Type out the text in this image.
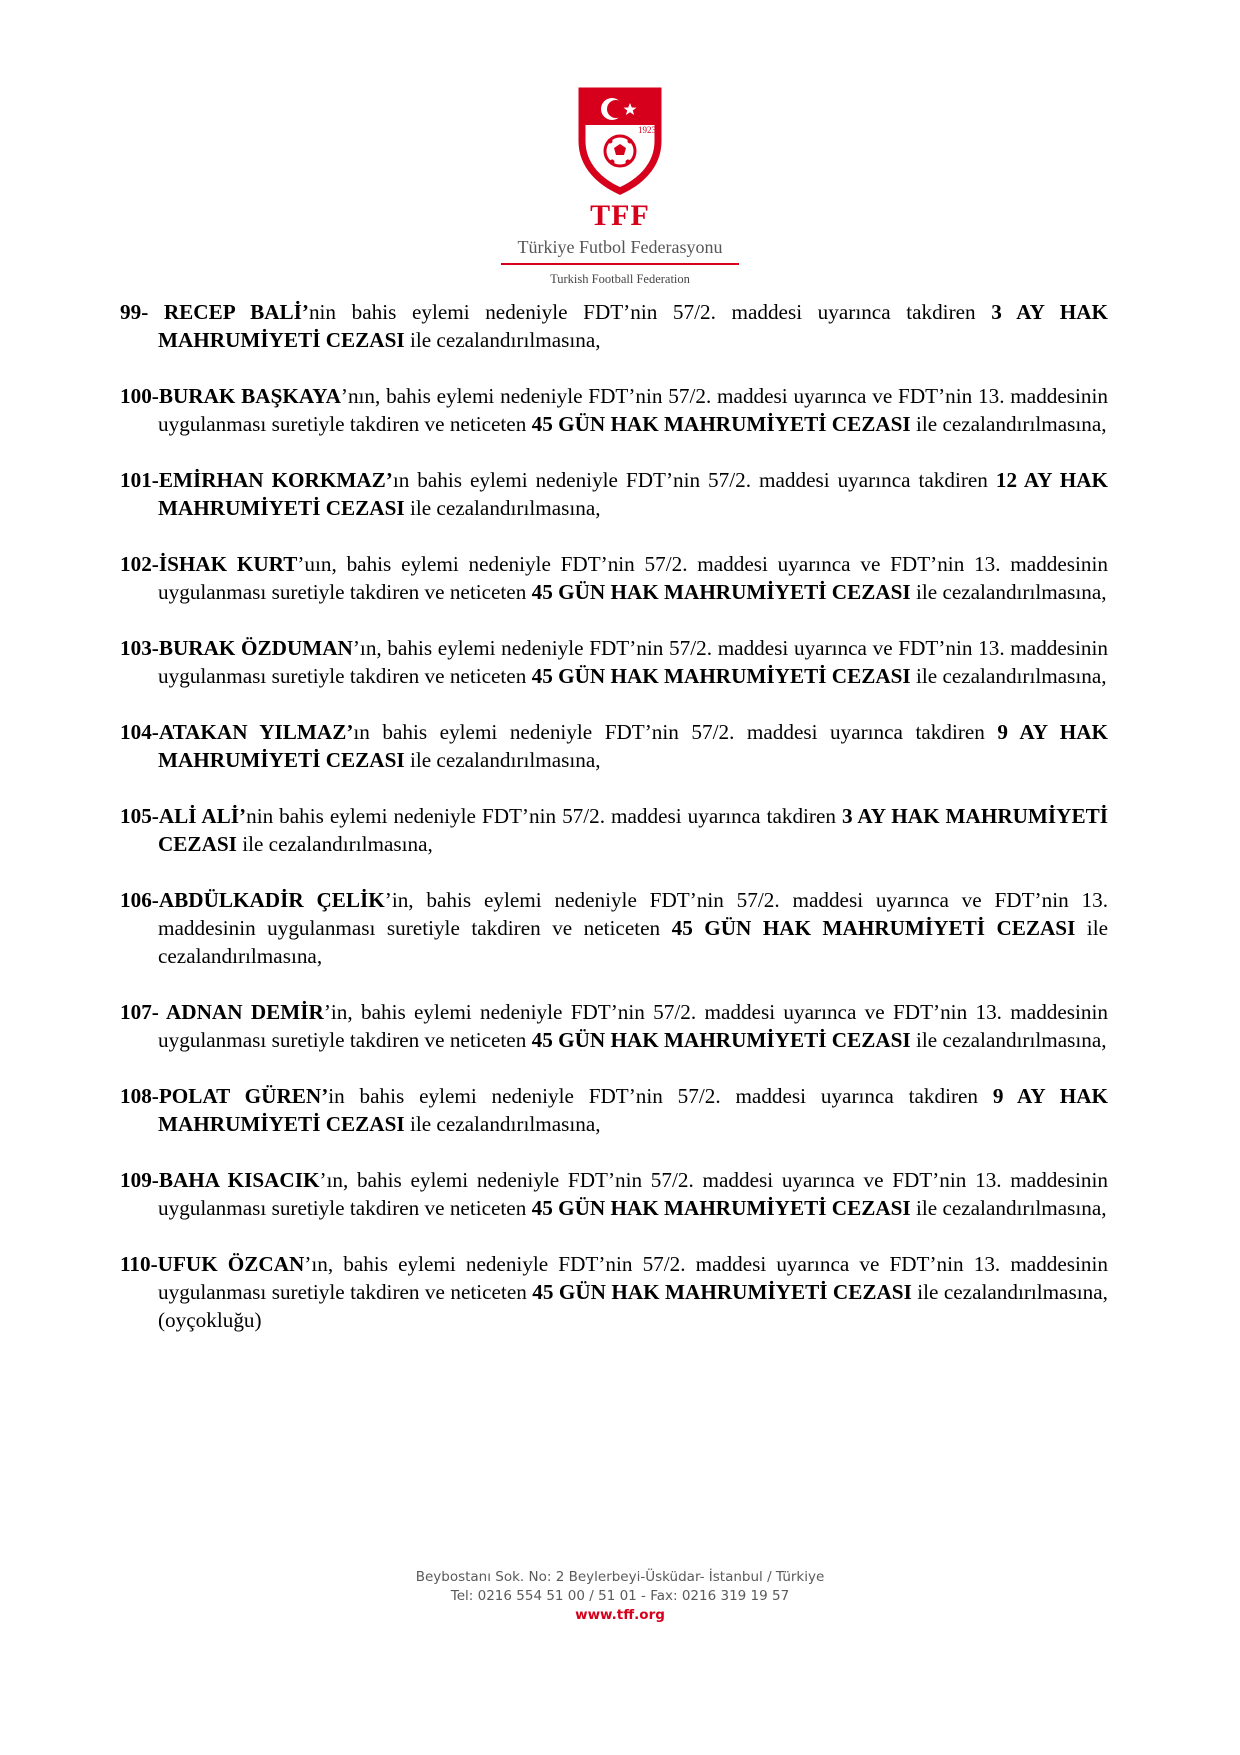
1923
TFF
Türkiye Futbol Federasyonu
Turkish Football Federation
99- RECEP BALİ’nin bahis eylemi nedeniyle FDT’nin 57/2. maddesi uyarınca takdiren 3 AY HAK MAHRUMİYETİ CEZASI ile cezalandırılmasına,
100-BURAK BAŞKAYA’nın, bahis eylemi nedeniyle FDT’nin 57/2. maddesi uyarınca ve FDT’nin 13. maddesinin uygulanması suretiyle takdiren ve neticeten 45 GÜN HAK MAHRUMİYETİ CEZASI ile cezalandırılmasına,
101-EMİRHAN KORKMAZ’ın bahis eylemi nedeniyle FDT’nin 57/2. maddesi uyarınca takdiren 12 AY HAK MAHRUMİYETİ CEZASI ile cezalandırılmasına,
102-İSHAK KURT’uın, bahis eylemi nedeniyle FDT’nin 57/2. maddesi uyarınca ve FDT’nin 13. maddesinin uygulanması suretiyle takdiren ve neticeten 45 GÜN HAK MAHRUMİYETİ CEZASI ile cezalandırılmasına,
103-BURAK ÖZDUMAN’ın, bahis eylemi nedeniyle FDT’nin 57/2. maddesi uyarınca ve FDT’nin 13. maddesinin uygulanması suretiyle takdiren ve neticeten 45 GÜN HAK MAHRUMİYETİ CEZASI ile cezalandırılmasına,
104-ATAKAN YILMAZ’ın bahis eylemi nedeniyle FDT’nin 57/2. maddesi uyarınca takdiren 9 AY HAK MAHRUMİYETİ CEZASI ile cezalandırılmasına,
105-ALİ ALİ’nin bahis eylemi nedeniyle FDT’nin 57/2. maddesi uyarınca takdiren 3 AY HAK MAHRUMİYETİ CEZASI ile cezalandırılmasına,
106-ABDÜLKADİR ÇELİK’in, bahis eylemi nedeniyle FDT’nin 57/2. maddesi uyarınca ve FDT’nin 13. maddesinin uygulanması suretiyle takdiren ve neticeten 45 GÜN HAK MAHRUMİYETİ CEZASI ile cezalandırılmasına,
107- ADNAN DEMİR’in, bahis eylemi nedeniyle FDT’nin 57/2. maddesi uyarınca ve FDT’nin 13. maddesinin uygulanması suretiyle takdiren ve neticeten 45 GÜN HAK MAHRUMİYETİ CEZASI ile cezalandırılmasına,
108-POLAT GÜREN’in bahis eylemi nedeniyle FDT’nin 57/2. maddesi uyarınca takdiren 9 AY HAK MAHRUMİYETİ CEZASI ile cezalandırılmasına,
109-BAHA KISACIK’ın, bahis eylemi nedeniyle FDT’nin 57/2. maddesi uyarınca ve FDT’nin 13. maddesinin uygulanması suretiyle takdiren ve neticeten 45 GÜN HAK MAHRUMİYETİ CEZASI ile cezalandırılmasına,
110-UFUK ÖZCAN’ın, bahis eylemi nedeniyle FDT’nin 57/2. maddesi uyarınca ve FDT’nin 13. maddesinin uygulanması suretiyle takdiren ve neticeten 45 GÜN HAK MAHRUMİYETİ CEZASI ile cezalandırılmasına, (oyçokluğu)
Beybostanı Sok. No: 2 Beylerbeyi-Üsküdar- İstanbul / Türkiye
Tel: 0216 554 51 00 / 51 01 - Fax: 0216 319 19 57
www.tff.org
